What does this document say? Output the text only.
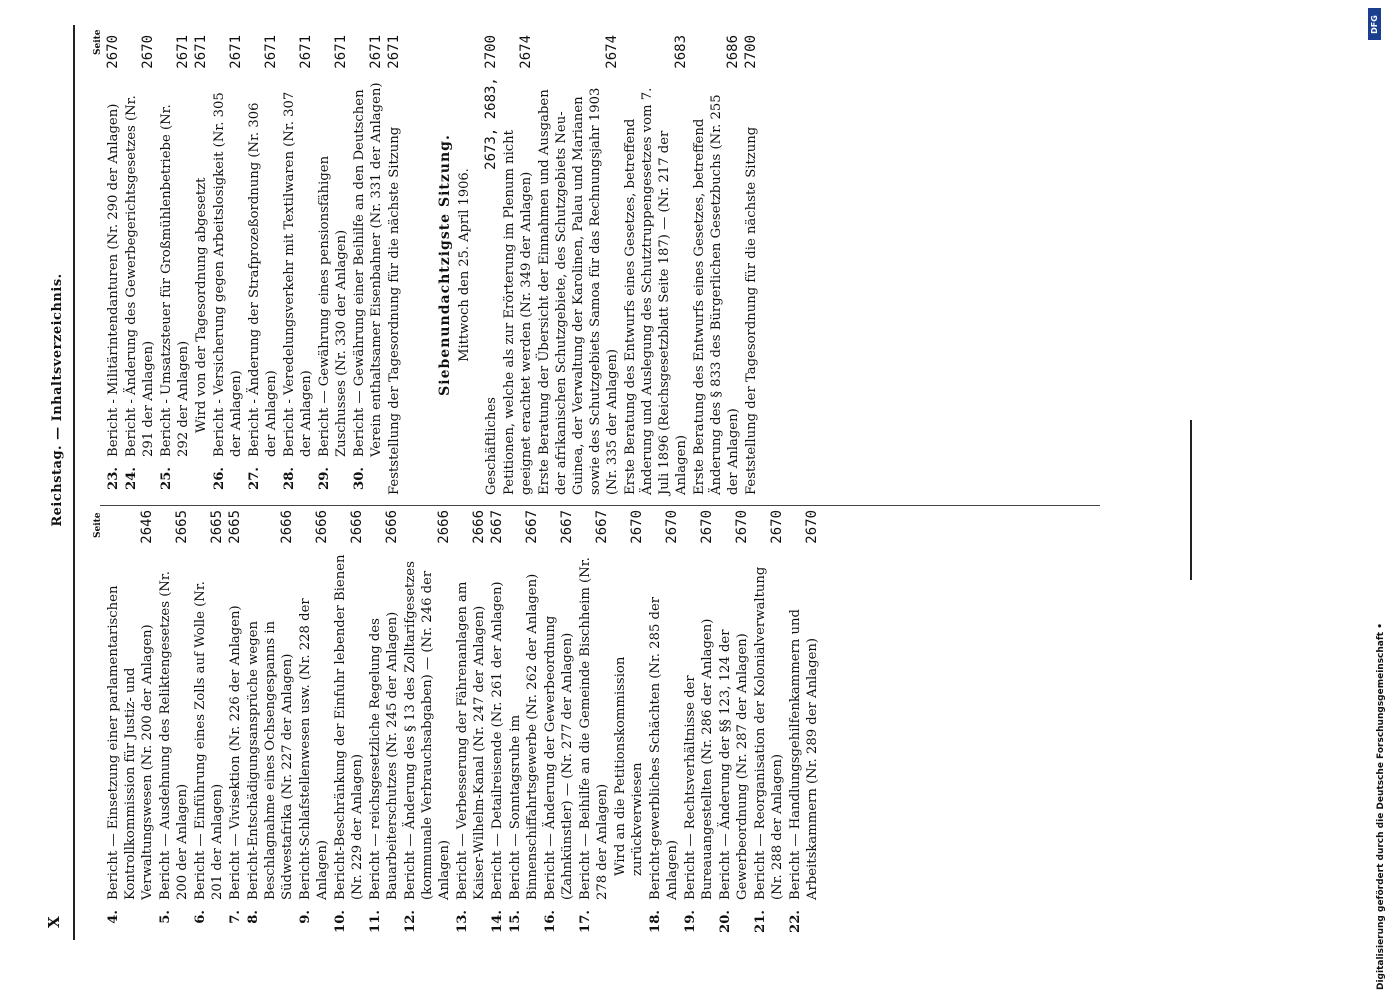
X
Reichstag. — Inhaltsverzeichnis.	Seite
Seite
4.
Bericht — Einsetzung einer parlamentarischen Kontrollkommission für Justiz- und Verwaltungswesen (Nr. 200 der Anlagen)
2646
5.
Bericht — Ausdehnung des Reliktengesetzes (Nr. 200 der Anlagen)
2665
6.
Bericht — Einführung eines Zolls auf Wolle (Nr. 201 der Anlagen)
2665
7.
Bericht — Vivisektion (Nr. 226 der Anlagen)
2665
8.
Bericht-Entschädigungsansprüche wegen Beschlagnahme eines Ochsengespanns in Südwestafrika (Nr. 227 der Anlagen)
2666
9.
Bericht-Schlafstellenwesen usw. (Nr. 228 der Anlagen)
2666
10.
Bericht-Beschränkung der Einfuhr lebender Bienen (Nr. 229 der Anlagen)
2666
11.
Bericht — reichsgesetzliche Regelung des Bauarbeiterschutzes (Nr. 245 der Anlagen)
2666
12.
Bericht — Änderung des § 13 des Zolltarifgesetzes (kommunale Verbrauchsabgaben) — (Nr. 246 der Anlagen)
2666
13.
Bericht — Verbesserung der Fährenanlagen am Kaiser-Wilhelm-Kanal (Nr. 247 der Anlagen)
2666
14.
Bericht — Detailreisende (Nr. 261 der Anlagen)
2667
15.
Bericht — Sonntagsruhe im Binnenschiffahrtsgewerbe (Nr. 262 der Anlagen)
2667
16.
Bericht — Änderung der Gewerbeordnung (Zahnkünstler) — (Nr. 277 der Anlagen)
2667
17.
Bericht — Beihilfe an die Gemeinde Bischheim (Nr. 278 der Anlagen)
2667
Wird an die Petitionskommission zurückverwiesen
2670
18.
Bericht-gewerbliches Schächten (Nr. 285 der Anlagen)
2670
19.
Bericht — Rechtsverhältnisse der Bureauangestellten (Nr. 286 der Anlagen)
2670
20.
Bericht — Änderung der §§ 123, 124 der Gewerbeordnung (Nr. 287 der Anlagen)
2670
21.
Bericht — Reorganisation der Kolonialverwaltung (Nr. 288 der Anlagen)
2670
22.
Bericht — Handlungsgehilfenkammern und Arbeitskammern (Nr. 289 der Anlagen)
2670
23.
Bericht - Militärintendanturen (Nr. 290 der Anlagen)
2670
24.
Bericht - Änderung des Gewerbegerichtsgesetzes (Nr. 291 der Anlagen)
2670
25.
Bericht - Umsatzsteuer für Großmühlenbetriebe (Nr. 292 der Anlagen)
2671
Wird von der Tagesordnung abgesetzt
2671
26.
Bericht - Versicherung gegen Arbeitslosigkeit (Nr. 305 der Anlagen)
2671
27.
Bericht - Änderung der Strafprozeßordnung (Nr. 306 der Anlagen)
2671
28.
Bericht - Veredelungsverkehr mit Textilwaren (Nr. 307 der Anlagen)
2671
29.
Bericht — Gewährung eines pensionsfähigen Zuschusses (Nr. 330 der Anlagen)
2671
30.
Bericht — Gewährung einer Beihilfe an den Deutschen Verein enthaltsamer Eisenbahner (Nr. 331 der Anlagen)
2671
Feststellung der Tagesordnung für die nächste Sitzung
2671
Siebenundachtzigste Sitzung. Mittwoch den 25. April 1906.
Geschäftliches
2673, 2683, 2700
Petitionen, welche als zur Erörterung im Plenum nicht geeignet erachtet werden (Nr. 349 der Anlagen)
2674
Erste Beratung der Übersicht der Einnahmen und Ausgaben der afrikanischen Schutzgebiete, des Schutzgebiets Neu-Guinea, der Verwaltung der Karolinen, Palau und Marianen sowie des Schutzgebiets Samoa für das Rechnungsjahr 1903 (Nr. 335 der Anlagen)
2674
Erste Beratung des Entwurfs eines Gesetzes, betreffend Änderung und Auslegung des Schutztruppengesetzes vom 7. Juli 1896 (Reichsgesetzblatt Seite 187) — (Nr. 217 der Anlagen)
2683
Erste Beratung des Entwurfs eines Gesetzes, betreffend Änderung des § 833 des Bürgerlichen Gesetzbuchs (Nr. 255 der Anlagen)
2686
Feststellung der Tagesordnung für die nächste Sitzung
2700
Digitalisierung gefördert durch die Deutsche Forschungsgemeinschaft •
DFG
